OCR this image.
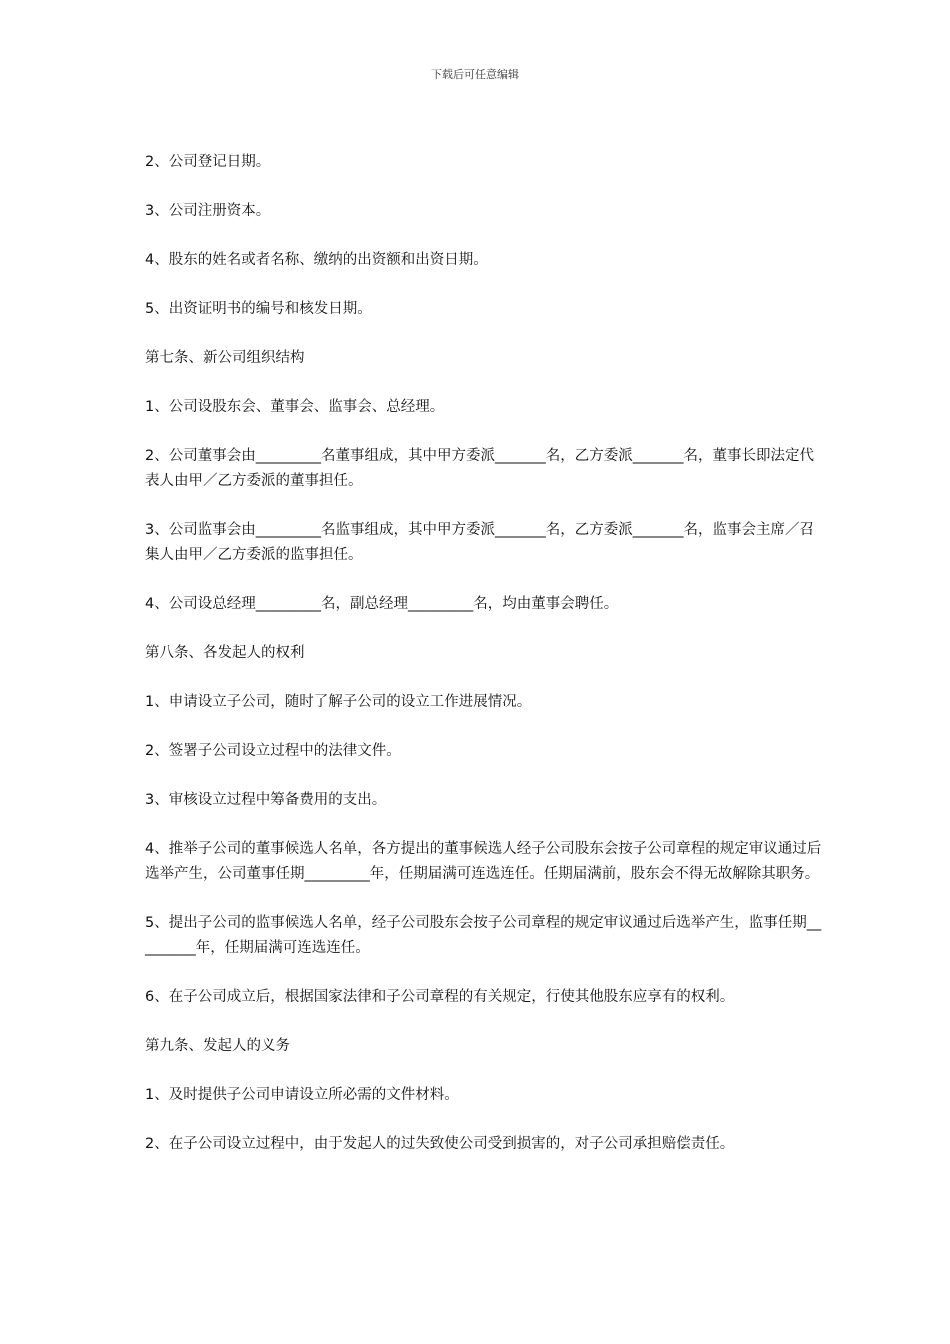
下载后可任意编辑

2、公司登记日期。

3、公司注册资本。

4、股东的姓名或者名称、缴纳的出资额和出资日期。

5、出资证明书的编号和核发日期。

第七条、新公司组织结构

1、公司设股东会、董事会、监事会、总经理。

2、公司董事会由_________名董事组成，其中甲方委派_______名，乙方委派_______名，董事长即法定代表人由甲／乙方委派的董事担任。

3、公司监事会由_________名监事组成，其中甲方委派_______名，乙方委派_______名，监事会主席／召集人由甲／乙方委派的监事担任。

4、公司设总经理_________名，副总经理_________名，均由董事会聘任。

第八条、各发起人的权利

1、申请设立子公司，随时了解子公司的设立工作进展情况。

2、签署子公司设立过程中的法律文件。

3、审核设立过程中筹备费用的支出。

4、推举子公司的董事候选人名单，各方提出的董事候选人经子公司股东会按子公司章程的规定审议通过后选举产生，公司董事任期_________年，任期届满可连选连任。任期届满前，股东会不得无故解除其职务。

5、提出子公司的监事候选人名单，经子公司股东会按子公司章程的规定审议通过后选举产生，监事任期_________年，任期届满可连选连任。

6、在子公司成立后，根据国家法律和子公司章程的有关规定，行使其他股东应享有的权利。

第九条、发起人的义务

1、及时提供子公司申请设立所必需的文件材料。

2、在子公司设立过程中，由于发起人的过失致使公司受到损害的，对子公司承担赔偿责任。
